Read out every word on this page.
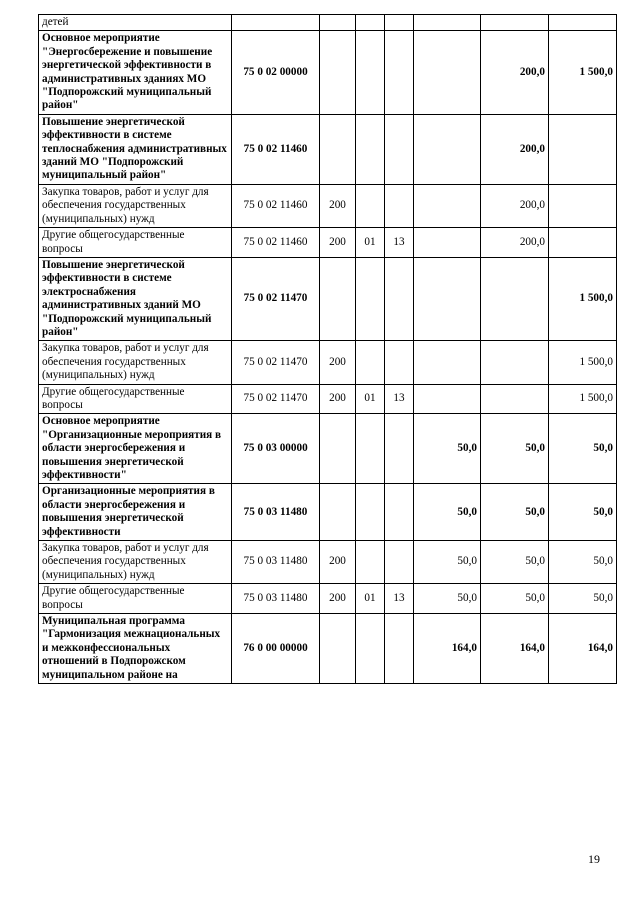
детей							
Основное мероприятие "Энергосбережение и повышение энергетической эффективности в административных зданиях МО "Подпорожский муниципальный район"	75 0 02 00000					200,0	1 500,0
Повышение энергетической эффективности в системе теплоснабжения административных зданий МО "Подпорожский муниципальный район"	75 0 02 11460					200,0	
Закупка товаров, работ и услуг для обеспечения государственных (муниципальных) нужд	75 0 02 11460	200				200,0	
Другие общегосударственные вопросы	75 0 02 11460	200	01	13		200,0	
Повышение энергетической эффективности в системе электроснабжения административных зданий МО "Подпорожский муниципальный район"	75 0 02 11470						1 500,0
Закупка товаров, работ и услуг для обеспечения государственных (муниципальных) нужд	75 0 02 11470	200					1 500,0
Другие общегосударственные вопросы	75 0 02 11470	200	01	13			1 500,0
Основное мероприятие "Организационные мероприятия в области энергосбережения и повышения энергетической эффективности"	75 0 03 00000				50,0	50,0	50,0
Организационные мероприятия в области энергосбережения и повышения энергетической эффективности	75 0 03 11480				50,0	50,0	50,0
Закупка товаров, работ и услуг для обеспечения государственных (муниципальных) нужд	75 0 03 11480	200			50,0	50,0	50,0
Другие общегосударственные вопросы	75 0 03 11480	200	01	13	50,0	50,0	50,0
Муниципальная программа "Гармонизация межнациональных и межконфессиональных отношений в Подпорожском муниципальном районе на	76 0 00 00000				164,0	164,0	164,0
19
